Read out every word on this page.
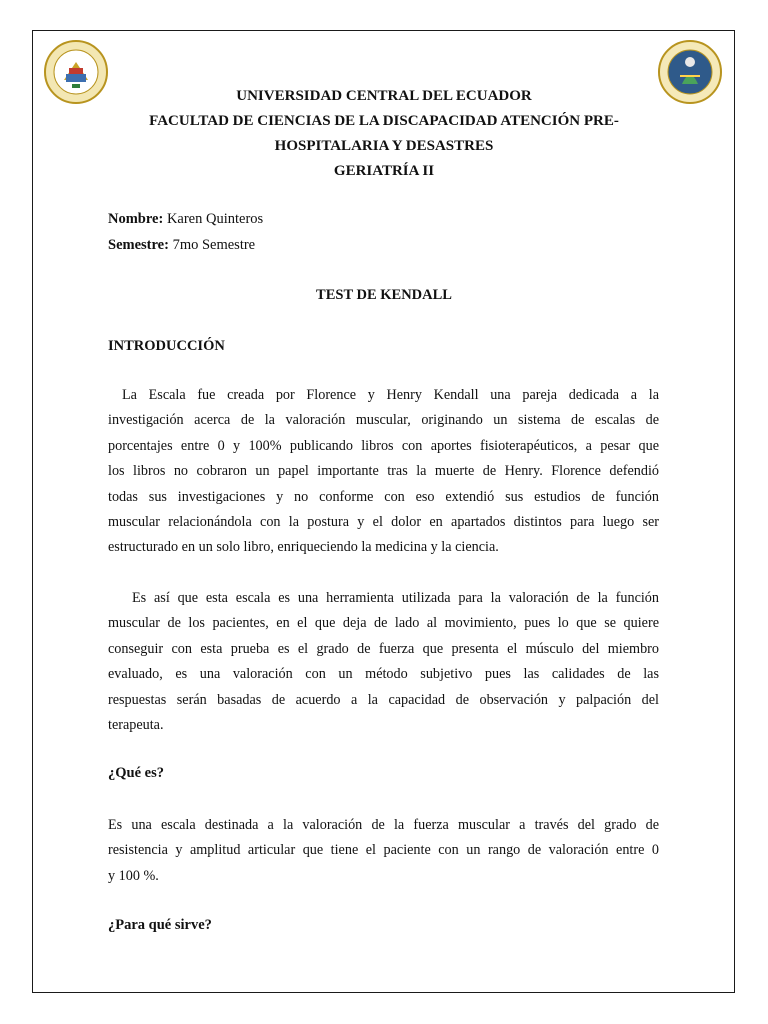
UNIVERSIDAD CENTRAL DEL ECUADOR
FACULTAD DE CIENCIAS DE LA DISCAPACIDAD ATENCIÓN PRE-
HOSPITALARIA Y DESASTRES
GERIATRÍA II
Nombre: Karen Quinteros
Semestre: 7mo Semestre
TEST DE KENDALL
INTRODUCCIÓN
La Escala fue creada por Florence y Henry Kendall una pareja dedicada a la
investigación acerca de la valoración muscular, originando un sistema de escalas de
porcentajes entre 0 y 100% publicando libros con aportes fisioterapéuticos, a pesar que
los libros no cobraron un papel importante tras la muerte de Henry. Florence defendió
todas sus investigaciones y no conforme con eso extendió sus estudios de función
muscular relacionándola con la postura y el dolor en apartados distintos para luego ser
estructurado en un solo libro, enriqueciendo la medicina y la ciencia.
Es así que esta escala es una herramienta utilizada para la valoración de la función
muscular de los pacientes, en el que deja de lado al movimiento, pues lo que se quiere
conseguir con esta prueba es el grado de fuerza que presenta el músculo del miembro
evaluado, es una valoración con un método subjetivo pues las calidades de las
respuestas serán basadas de acuerdo a la capacidad de observación y palpación del
terapeuta.
¿Qué es?
Es una escala destinada a la valoración de la fuerza muscular a través del grado de
resistencia y amplitud articular que tiene el paciente con un rango de valoración entre 0
y 100 %.
¿Para qué sirve?
